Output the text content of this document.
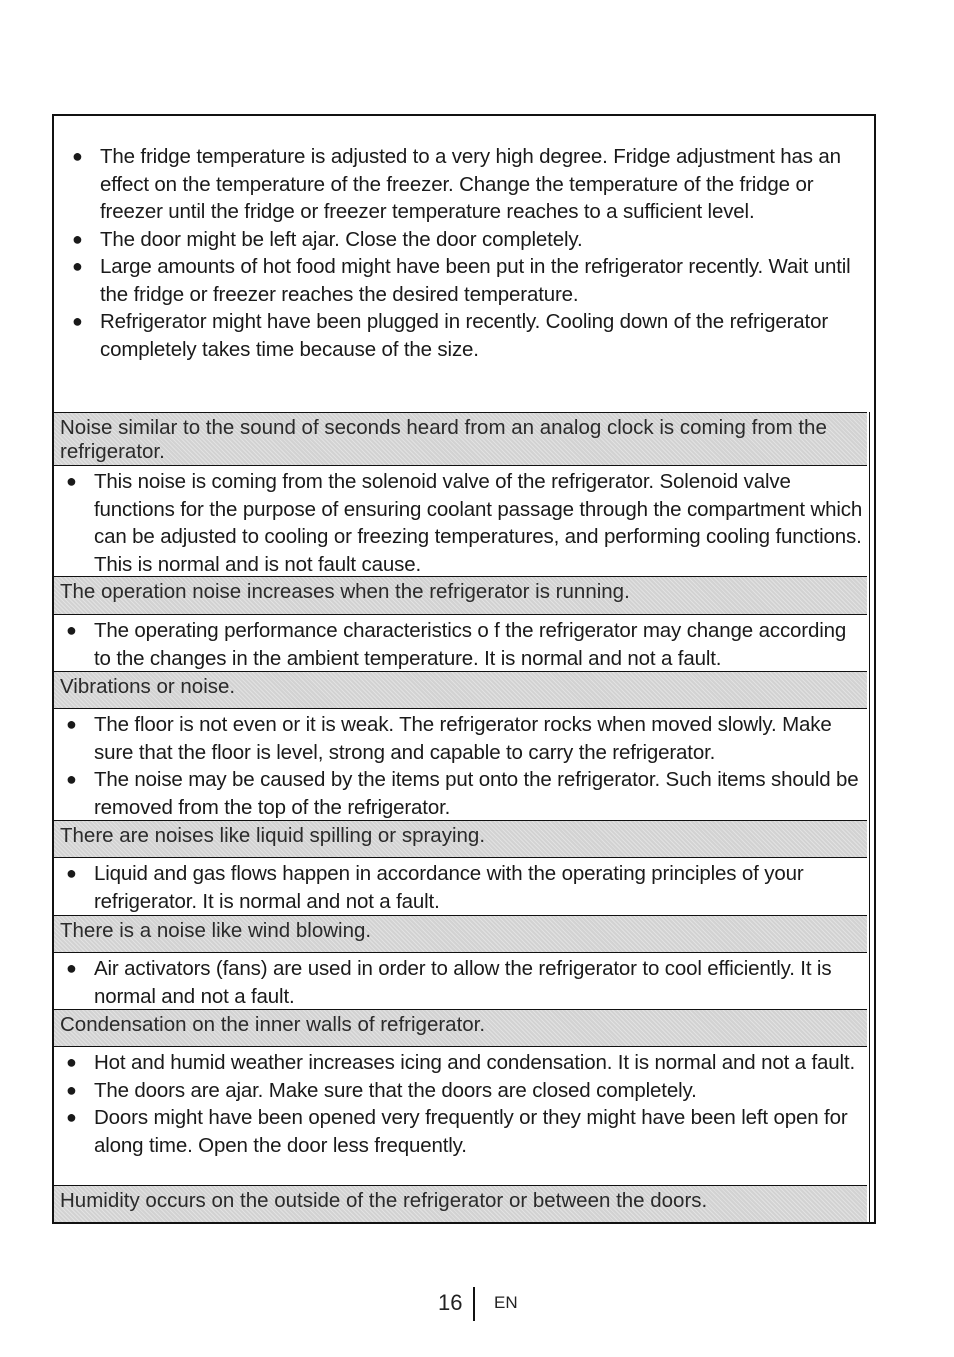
● The fridge temperature is adjusted to a very high degree. Fridge adjustment has an effect on the temperature of the freezer. Change the temperature of the fridge or freezer until the fridge or freezer temperature reaches to a sufficient level.
● The door might be left ajar. Close the door completely.
● Large amounts of hot food might have been put in the refrigerator recently. Wait until the fridge or freezer reaches the desired temperature.
● Refrigerator might have been plugged in recently. Cooling down of the refrigerator completely takes time because of the size.
Noise similar to the sound of seconds heard from an analog clock is coming from the refrigerator.
● This noise is coming from the solenoid valve of the refrigerator. Solenoid valve functions for the purpose of ensuring coolant passage through the compartment which can be adjusted to cooling or freezing temperatures, and performing cooling functions. This is normal and is not fault cause.
The operation noise increases when the refrigerator is running.
● The operating performance characteristics o f the refrigerator may change according to the changes in the ambient temperature. It is normal and not a fault.
Vibrations or noise.
● The floor is not even or it is weak. The refrigerator rocks when moved slowly. Make sure that the floor is level, strong and capable to carry the refrigerator.
● The noise may be caused by the items put onto the refrigerator. Such items should be removed from the top of the refrigerator.
There are noises like liquid spilling or spraying.
● Liquid and gas flows happen in accordance with the operating principles of your refrigerator. It is normal and not a fault.
There is a noise like wind blowing.
● Air activators (fans) are used in order to allow the refrigerator to cool efficiently. It is normal and not a fault.
Condensation on the inner walls of refrigerator.
● Hot and humid weather increases icing and condensation. It is normal and not a fault.
● The doors are ajar. Make sure that the doors are closed completely.
● Doors might have been opened very frequently or they might have been left open for along time. Open the door less frequently.
Humidity occurs on the outside of the refrigerator or between the doors.
16 EN
